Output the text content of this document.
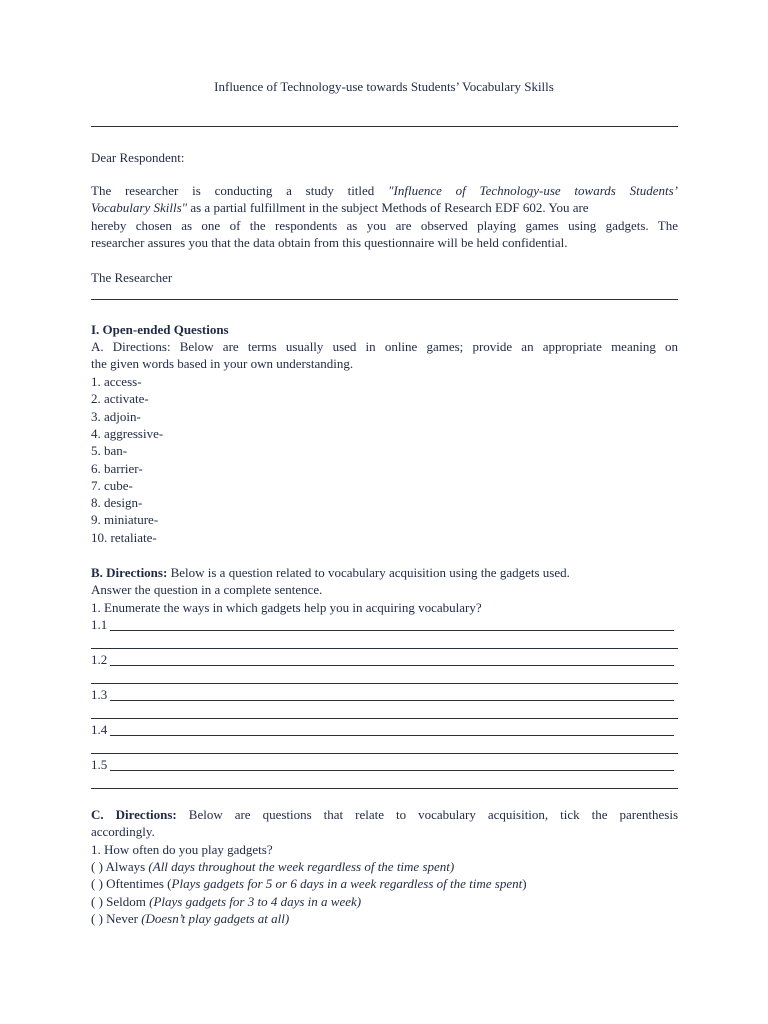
Influence of Technology-use towards Students’ Vocabulary Skills
Dear Respondent:
The researcher is conducting a study titled "Influence of Technology-use towards Students’
Vocabulary Skills" as a partial fulfillment in the subject Methods of Research EDF 602. You are
hereby chosen as one of the respondents as you are observed playing games using gadgets. The
researcher assures you that the data obtain from this questionnaire will be held confidential.
The Researcher
I. Open-ended Questions
A. Directions: Below are terms usually used in online games; provide an appropriate meaning on
the given words based in your own understanding.
1. access-
2. activate-
3. adjoin-
4. aggressive-
5. ban-
6. barrier-
7. cube-
8. design-
9. miniature-
10. retaliate-
B. Directions: Below is a question related to vocabulary acquisition using the gadgets used.
Answer the question in a complete sentence.
1. Enumerate the ways in which gadgets help you in acquiring vocabulary?
1.1
1.2
1.3
1.4
1.5
C. Directions: Below are questions that relate to vocabulary acquisition, tick the parenthesis
accordingly.
1. How often do you play gadgets?
( ) Always (All days throughout the week regardless of the time spent)
( ) Oftentimes (Plays gadgets for 5 or 6 days in a week regardless of the time spent)
( ) Seldom (Plays gadgets for 3 to 4 days in a week)
( ) Never (Doesn’t play gadgets at all)
